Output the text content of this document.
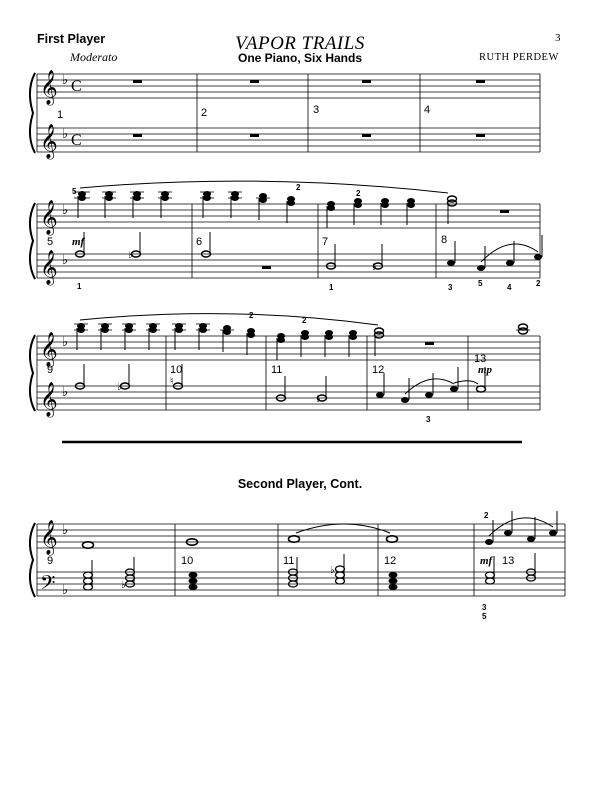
First Player
Moderato
VAPOR TRAILS
One Piano, Six Hands
3
RUTH PERDEW
Second Player, Cont.
𝄞
𝄞
♭
♭
C
C
1	2	3	4
𝄞
𝄞
♭
♭	♭
♭
5	2
2
1	1	3	5	4	2
5 mf	6	7	8
𝄞
𝄞
♭
♭	♭
♭
♮
2
2
3
9	10	11	12
13
mp
𝄞
𝄢
♭
♭	♭
♭
2
3
5
9	10	11	12	mf 13
